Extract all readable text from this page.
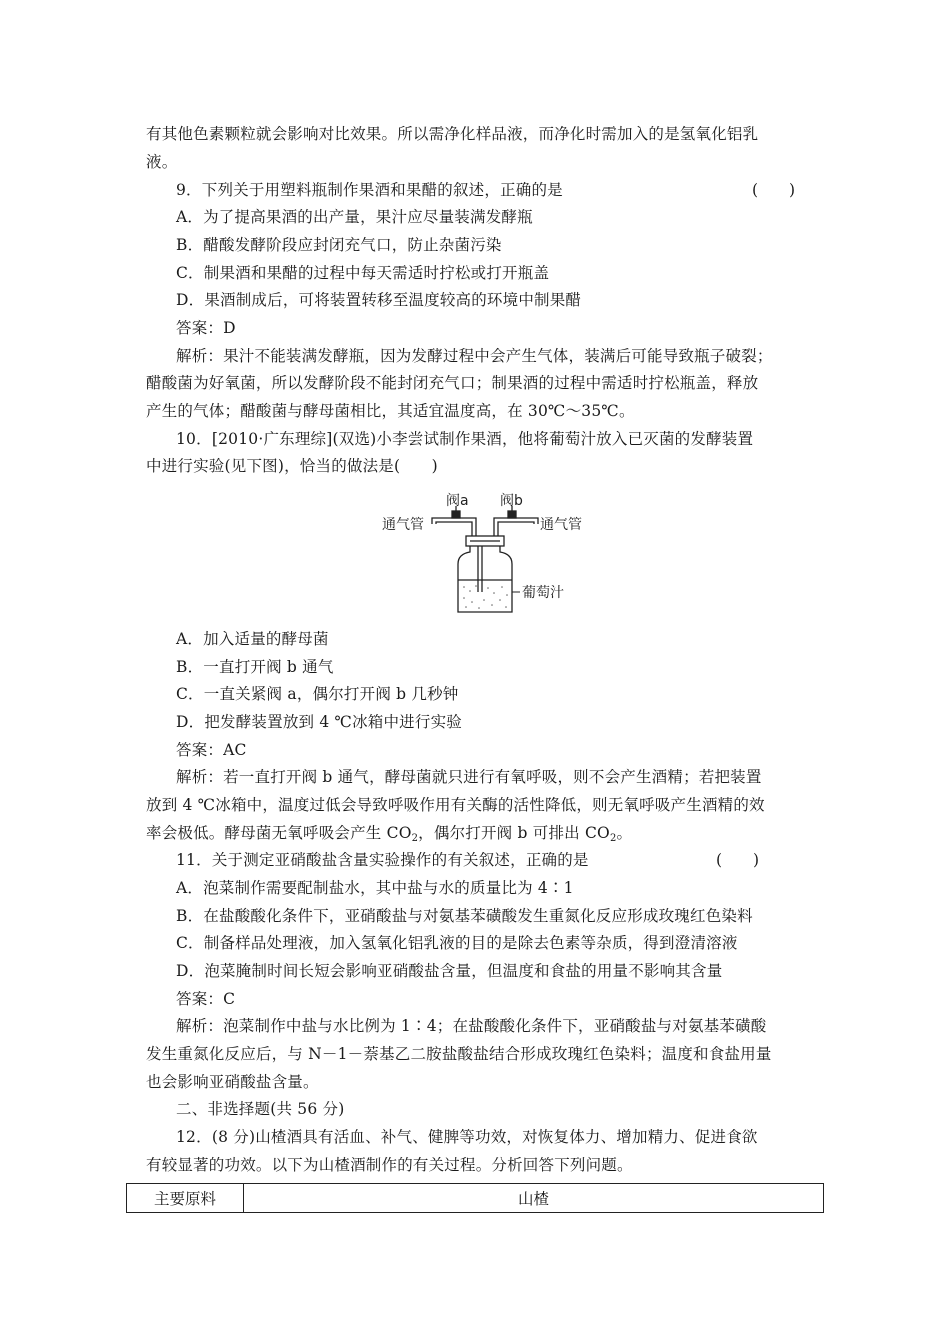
有其他色素颗粒就会影响对比效果。所以需净化样品液，而净化时需加入的是氢氧化铝乳
液。
9．下列关于用塑料瓶制作果酒和果醋的叙述，正确的是	(　　)
A．为了提高果酒的出产量，果汁应尽量装满发酵瓶
B．醋酸发酵阶段应封闭充气口，防止杂菌污染
C．制果酒和果醋的过程中每天需适时拧松或打开瓶盖
D．果酒制成后，可将装置转移至温度较高的环境中制果醋
答案：D
解析：果汁不能装满发酵瓶，因为发酵过程中会产生气体，装满后可能导致瓶子破裂；
醋酸菌为好氧菌，所以发酵阶段不能封闭充气口；制果酒的过程中需适时拧松瓶盖，释放
产生的气体；醋酸菌与酵母菌相比，其适宜温度高，在 30℃～35℃。
10．[2010·广东理综](双选)小李尝试制作果酒，他将葡萄汁放入已灭菌的发酵装置
中进行实验(见下图)，恰当的做法是(　　)
阀a 阀b
通气管	通气管
葡萄汁
A．加入适量的酵母菌
B．一直打开阀 b 通气
C．一直关紧阀 a，偶尔打开阀 b 几秒钟
D．把发酵装置放到 4 ℃冰箱中进行实验
答案：AC
解析：若一直打开阀 b 通气，酵母菌就只进行有氧呼吸，则不会产生酒精；若把装置
放到 4 ℃冰箱中，温度过低会导致呼吸作用有关酶的活性降低，则无氧呼吸产生酒精的效
率会极低。酵母菌无氧呼吸会产生 $CO_2$，偶尔打开阀 b 可排出 $CO_2$。
11．关于测定亚硝酸盐含量实验操作的有关叙述，正确的是	(　　)
A．泡菜制作需要配制盐水，其中盐与水的质量比为 4∶1
B．在盐酸酸化条件下，亚硝酸盐与对氨基苯磺酸发生重氮化反应形成玫瑰红色染料
C．制备样品处理液，加入氢氧化铝乳液的目的是除去色素等杂质，得到澄清溶液
D．泡菜腌制时间长短会影响亚硝酸盐含量，但温度和食盐的用量不影响其含量
答案：C
解析：泡菜制作中盐与水比例为 1∶4；在盐酸酸化条件下，亚硝酸盐与对氨基苯磺酸
发生重氮化反应后，与 N－1－萘基乙二胺盐酸盐结合形成玫瑰红色染料；温度和食盐用量
也会影响亚硝酸盐含量。
二、非选择题(共 56 分)
12．(8 分)山楂酒具有活血、补气、健脾等功效，对恢复体力、增加精力、促进食欲
有较显著的功效。以下为山楂酒制作的有关过程。分析回答下列问题。
主要原料	山楂
